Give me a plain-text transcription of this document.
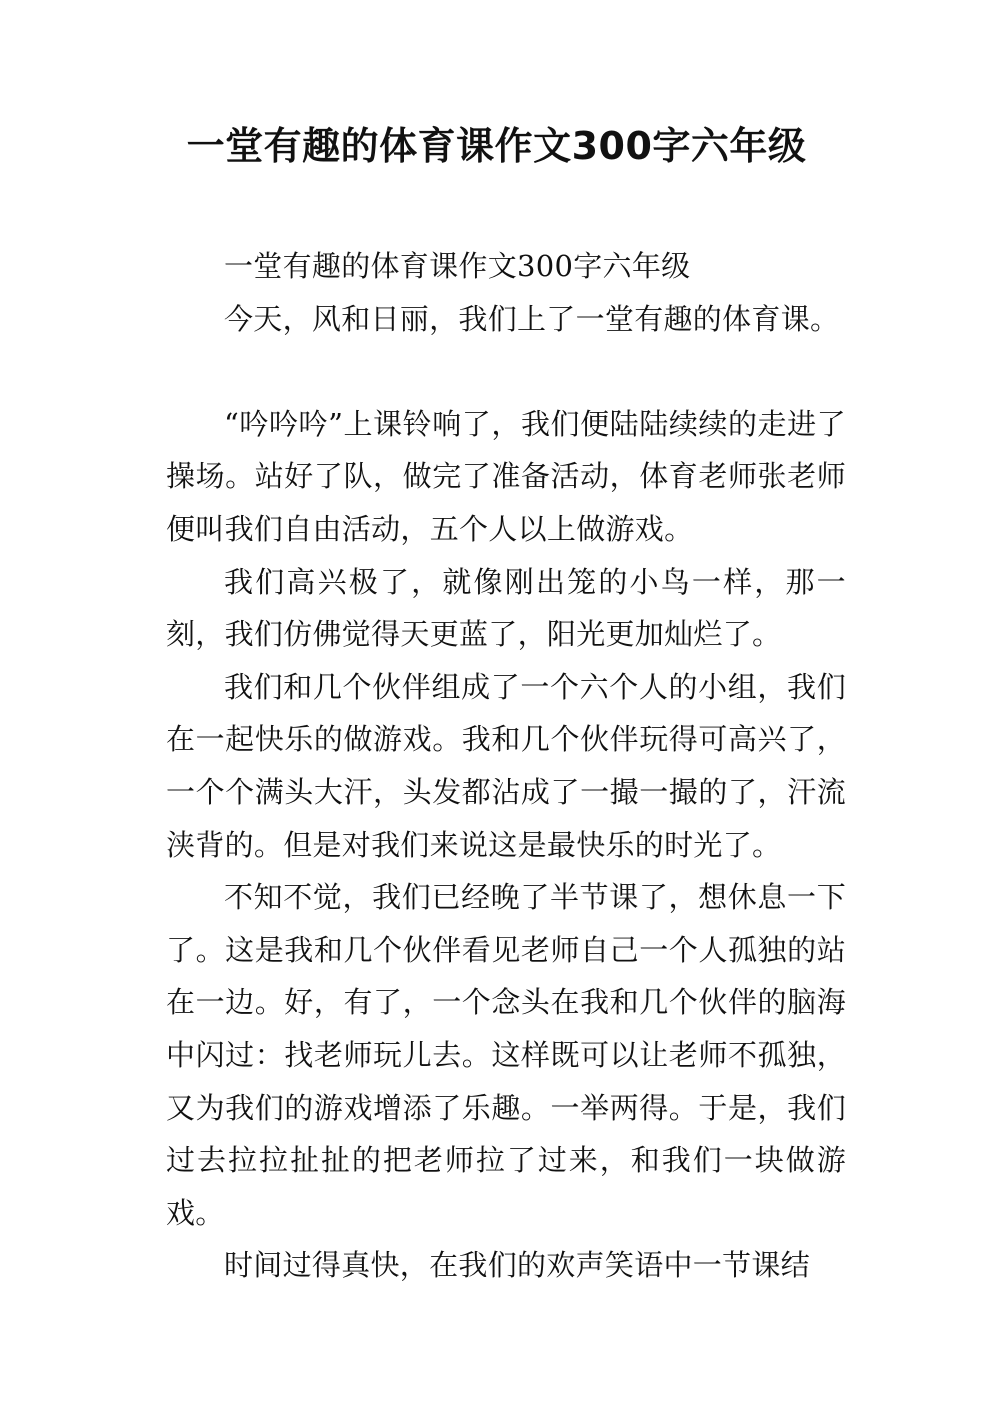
一堂有趣的体育课作文300字六年级

一堂有趣的体育课作文300字六年级

今天，风和日丽，我们上了一堂有趣的体育课。

“吟吟吟”上课铃响了，我们便陆陆续续的走进了操场。站好了队，做完了准备活动，体育老师张老师便叫我们自由活动，五个人以上做游戏。

我们高兴极了，就像刚出笼的小鸟一样，那一刻，我们仿佛觉得天更蓝了，阳光更加灿烂了。

我们和几个伙伴组成了一个六个人的小组，我们在一起快乐的做游戏。我和几个伙伴玩得可高兴了，一个个满头大汗，头发都沾成了一撮一撮的了，汗流浃背的。但是对我们来说这是最快乐的时光了。

不知不觉，我们已经晚了半节课了，想休息一下了。这是我和几个伙伴看见老师自己一个人孤独的站在一边。好，有了，一个念头在我和几个伙伴的脑海中闪过：找老师玩儿去。这样既可以让老师不孤独，又为我们的游戏增添了乐趣。一举两得。于是，我们过去拉拉扯扯的把老师拉了过来，和我们一块做游戏。

时间过得真快，在我们的欢声笑语中一节课结
